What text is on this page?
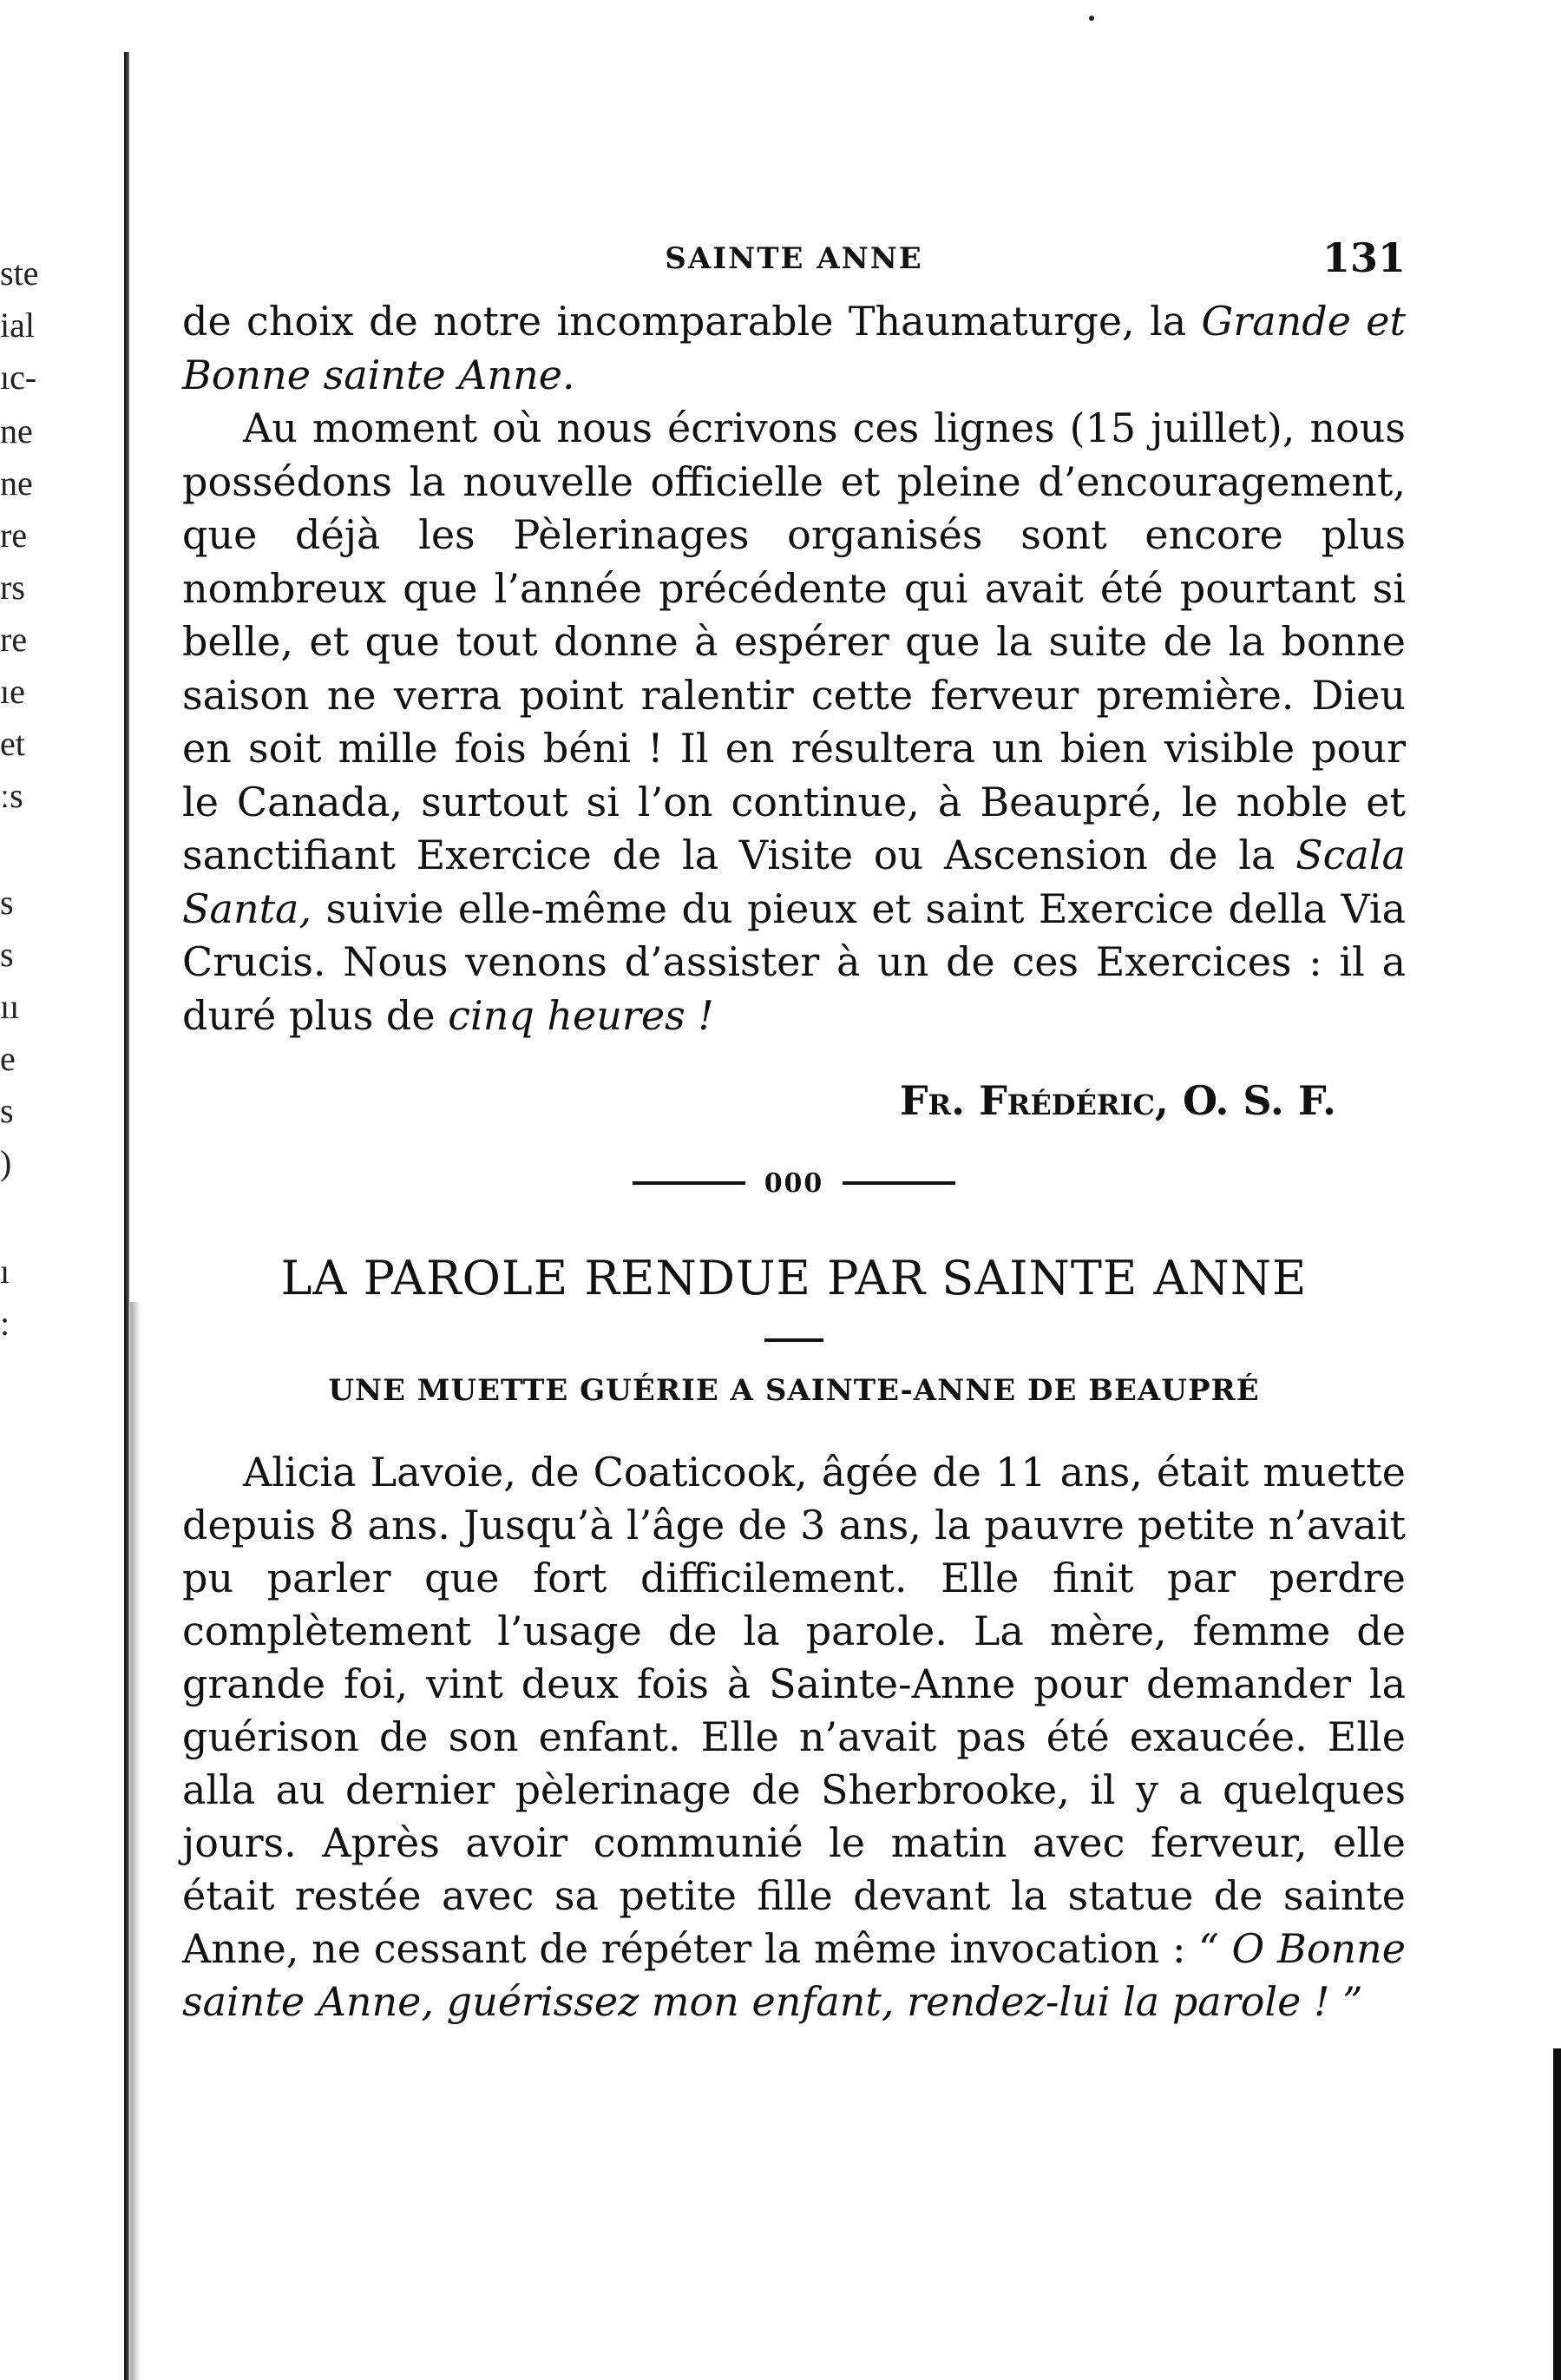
ste
ial
ıc-
ne
ne
re
rs
re
ıe
et
ːs
s
s
ıı
e
s
)
ı
:
SAINTE ANNE	131

de choix de notre incomparable Thaumaturge, la Grande et Bonne sainte Anne.

Au moment où nous écrivons ces lignes (15 juillet), nous possédons la nouvelle officielle et pleine d’encouragement, que déjà les Pèlerinages organisés sont encore plus nombreux que l’année précédente qui avait été pourtant si belle, et que tout donne à espérer que la suite de la bonne saison ne verra point ralentir cette ferveur première. Dieu en soit mille fois béni ! Il en résultera un bien visible pour le Canada, surtout si l’on continue, à Beaupré, le noble et sanctifiant Exercice de la Visite ou Ascension de la Scala Santa, suivie elle-même du pieux et saint Exercice della Via Crucis. Nous venons d’assister à un de ces Exercices : il a duré plus de cinq heures !

Fr. Frédéric, O. S. F.
000
LA PAROLE RENDUE PAR SAINTE ANNE
UNE MUETTE GUÉRIE A SAINTE-ANNE DE BEAUPRÉ

Alicia Lavoie, de Coaticook, âgée de 11 ans, était muette depuis 8 ans. Jusqu’à l’âge de 3 ans, la pauvre petite n’avait pu parler que fort difficilement. Elle finit par perdre complètement l’usage de la parole. La mère, femme de grande foi, vint deux fois à Sainte-Anne pour demander la guérison de son enfant. Elle n’avait pas été exaucée. Elle alla au dernier pèlerinage de Sherbrooke, il y a quelques jours. Après avoir communié le matin avec ferveur, elle était restée avec sa petite fille devant la statue de sainte Anne, ne cessant de répéter la même invocation : “ O Bonne sainte Anne, guérissez mon enfant, rendez-lui la parole ! ”
